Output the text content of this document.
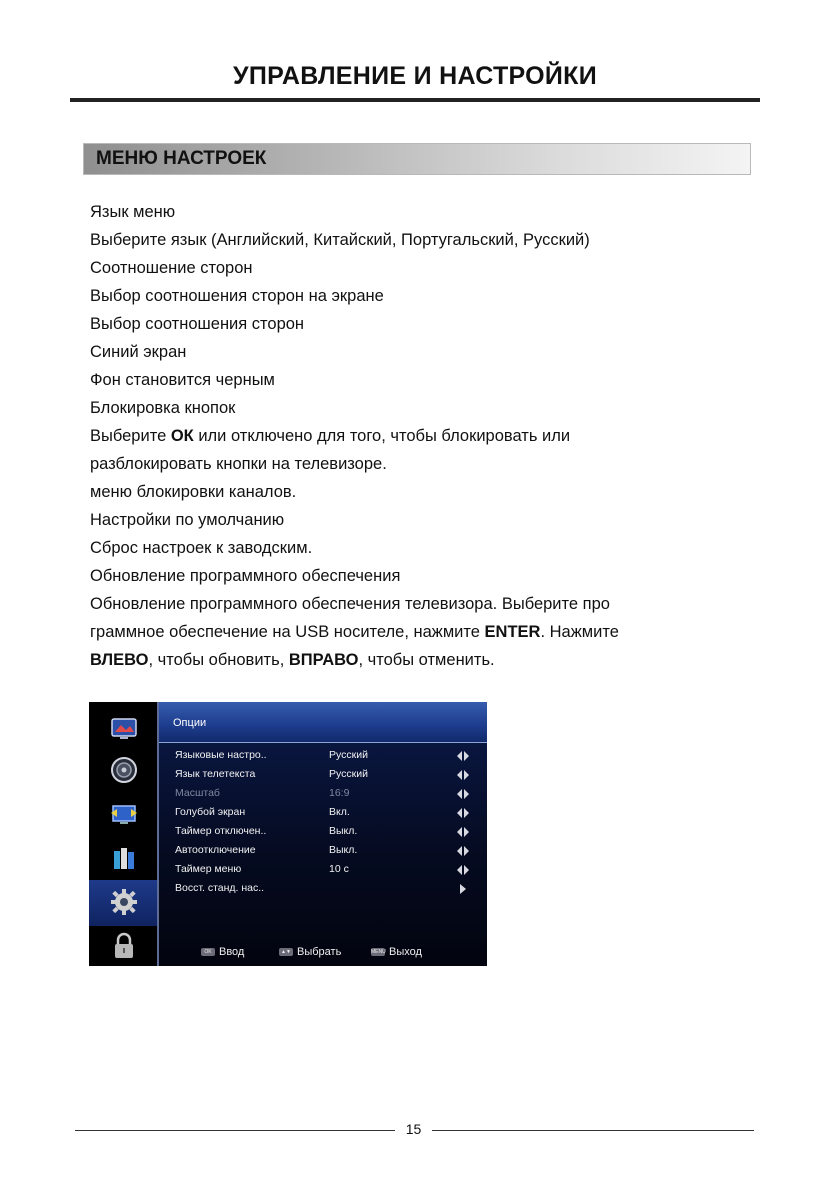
УПРАВЛЕНИЕ И НАСТРОЙКИ
МЕНЮ НАСТРОЕК
Язык меню
Выберите язык (Английский, Китайский, Португальский, Русский)
Соотношение сторон
Выбор соотношения сторон на экране
Выбор соотношения сторон
Синий экран
Фон становится черным
Блокировка кнопок
Выберите ОК или отключено для того, чтобы блокировать или
разблокировать кнопки на телевизоре.
меню блокировки каналов.
Настройки по умолчанию
Сброс настроек к заводским.
Обновление программного обеспечения
Обновление программного обеспечения телевизора. Выберите про
граммное обеспечение на USB носителе, нажмите ENTER. Нажмите
ВЛЕВО, чтобы обновить, ВПРАВО, чтобы отменить.
Опции
Языковые настро..	Русский
Язык телетекста	Русский
Масштаб	16:9
Голубой экран	Вкл.
Таймер отключен..	Выкл.
Автоотключение	Выкл.
Таймер меню	10 с
Восст. станд. нас..
OK Ввод	▲▼ Выбрать	MENU Выход
15
